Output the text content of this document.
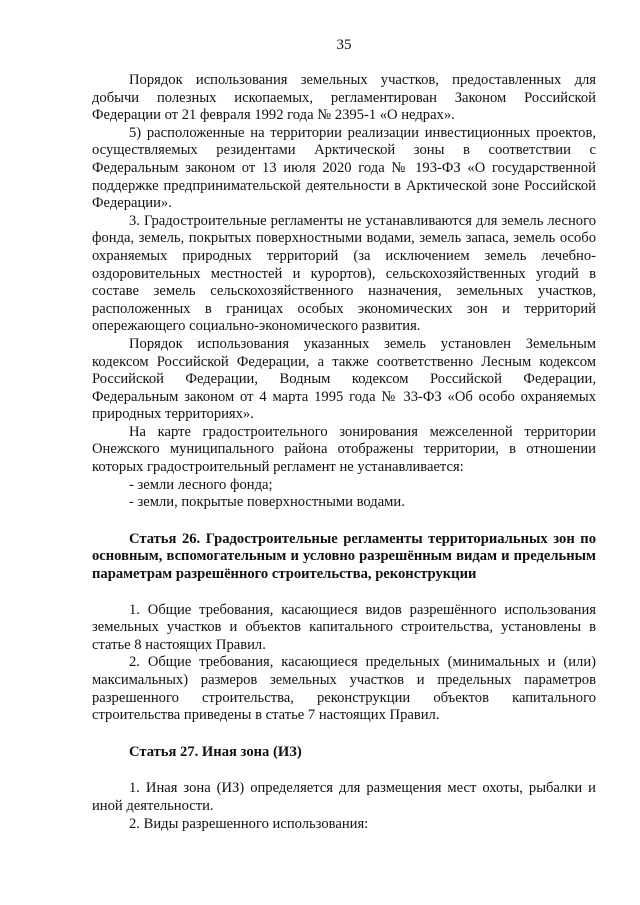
35

Порядок использования земельных участков, предоставленных для добычи полезных ископаемых, регламентирован Законом Российской Федерации от 21 февраля 1992 года № 2395-1 «О недрах».

5) расположенные на территории реализации инвестиционных проектов, осуществляемых резидентами Арктической зоны в соответствии с Федеральным законом от 13 июля 2020 года № 193-ФЗ «О государственной поддержке предпринимательской деятельности в Арктической зоне Российской Федерации».

3. Градостроительные регламенты не устанавливаются для земель лесного фонда, земель, покрытых поверхностными водами, земель запаса, земель особо охраняемых природных территорий (за исключением земель лечебно-оздоровительных местностей и курортов), сельскохозяйственных угодий в составе земель сельскохозяйственного назначения, земельных участков, расположенных в границах особых экономических зон и территорий опережающего социально-экономического развития.

Порядок использования указанных земель установлен Земельным кодексом Российской Федерации, а также соответственно Лесным кодексом Российской Федерации, Водным кодексом Российской Федерации, Федеральным законом от 4 марта 1995 года № 33-ФЗ «Об особо охраняемых природных территориях».

На карте градостроительного зонирования межселенной территории Онежского муниципального района отображены территории, в отношении которых градостроительный регламент не устанавливается:

- земли лесного фонда;

- земли, покрытые поверхностными водами.

Статья 26. Градостроительные регламенты территориальных зон по основным, вспомогательным и условно разрешённым видам и предельным параметрам разрешённого строительства, реконструкции

1. Общие требования, касающиеся видов разрешённого использования земельных участков и объектов капитального строительства, установлены в статье 8 настоящих Правил.

2. Общие требования, касающиеся предельных (минимальных и (или) максимальных) размеров земельных участков и предельных параметров разрешенного строительства, реконструкции объектов капитального строительства приведены в статье 7 настоящих Правил.

Статья 27. Иная зона (ИЗ)

1. Иная зона (ИЗ) определяется для размещения мест охоты, рыбалки и иной деятельности.

2. Виды разрешенного использования:
